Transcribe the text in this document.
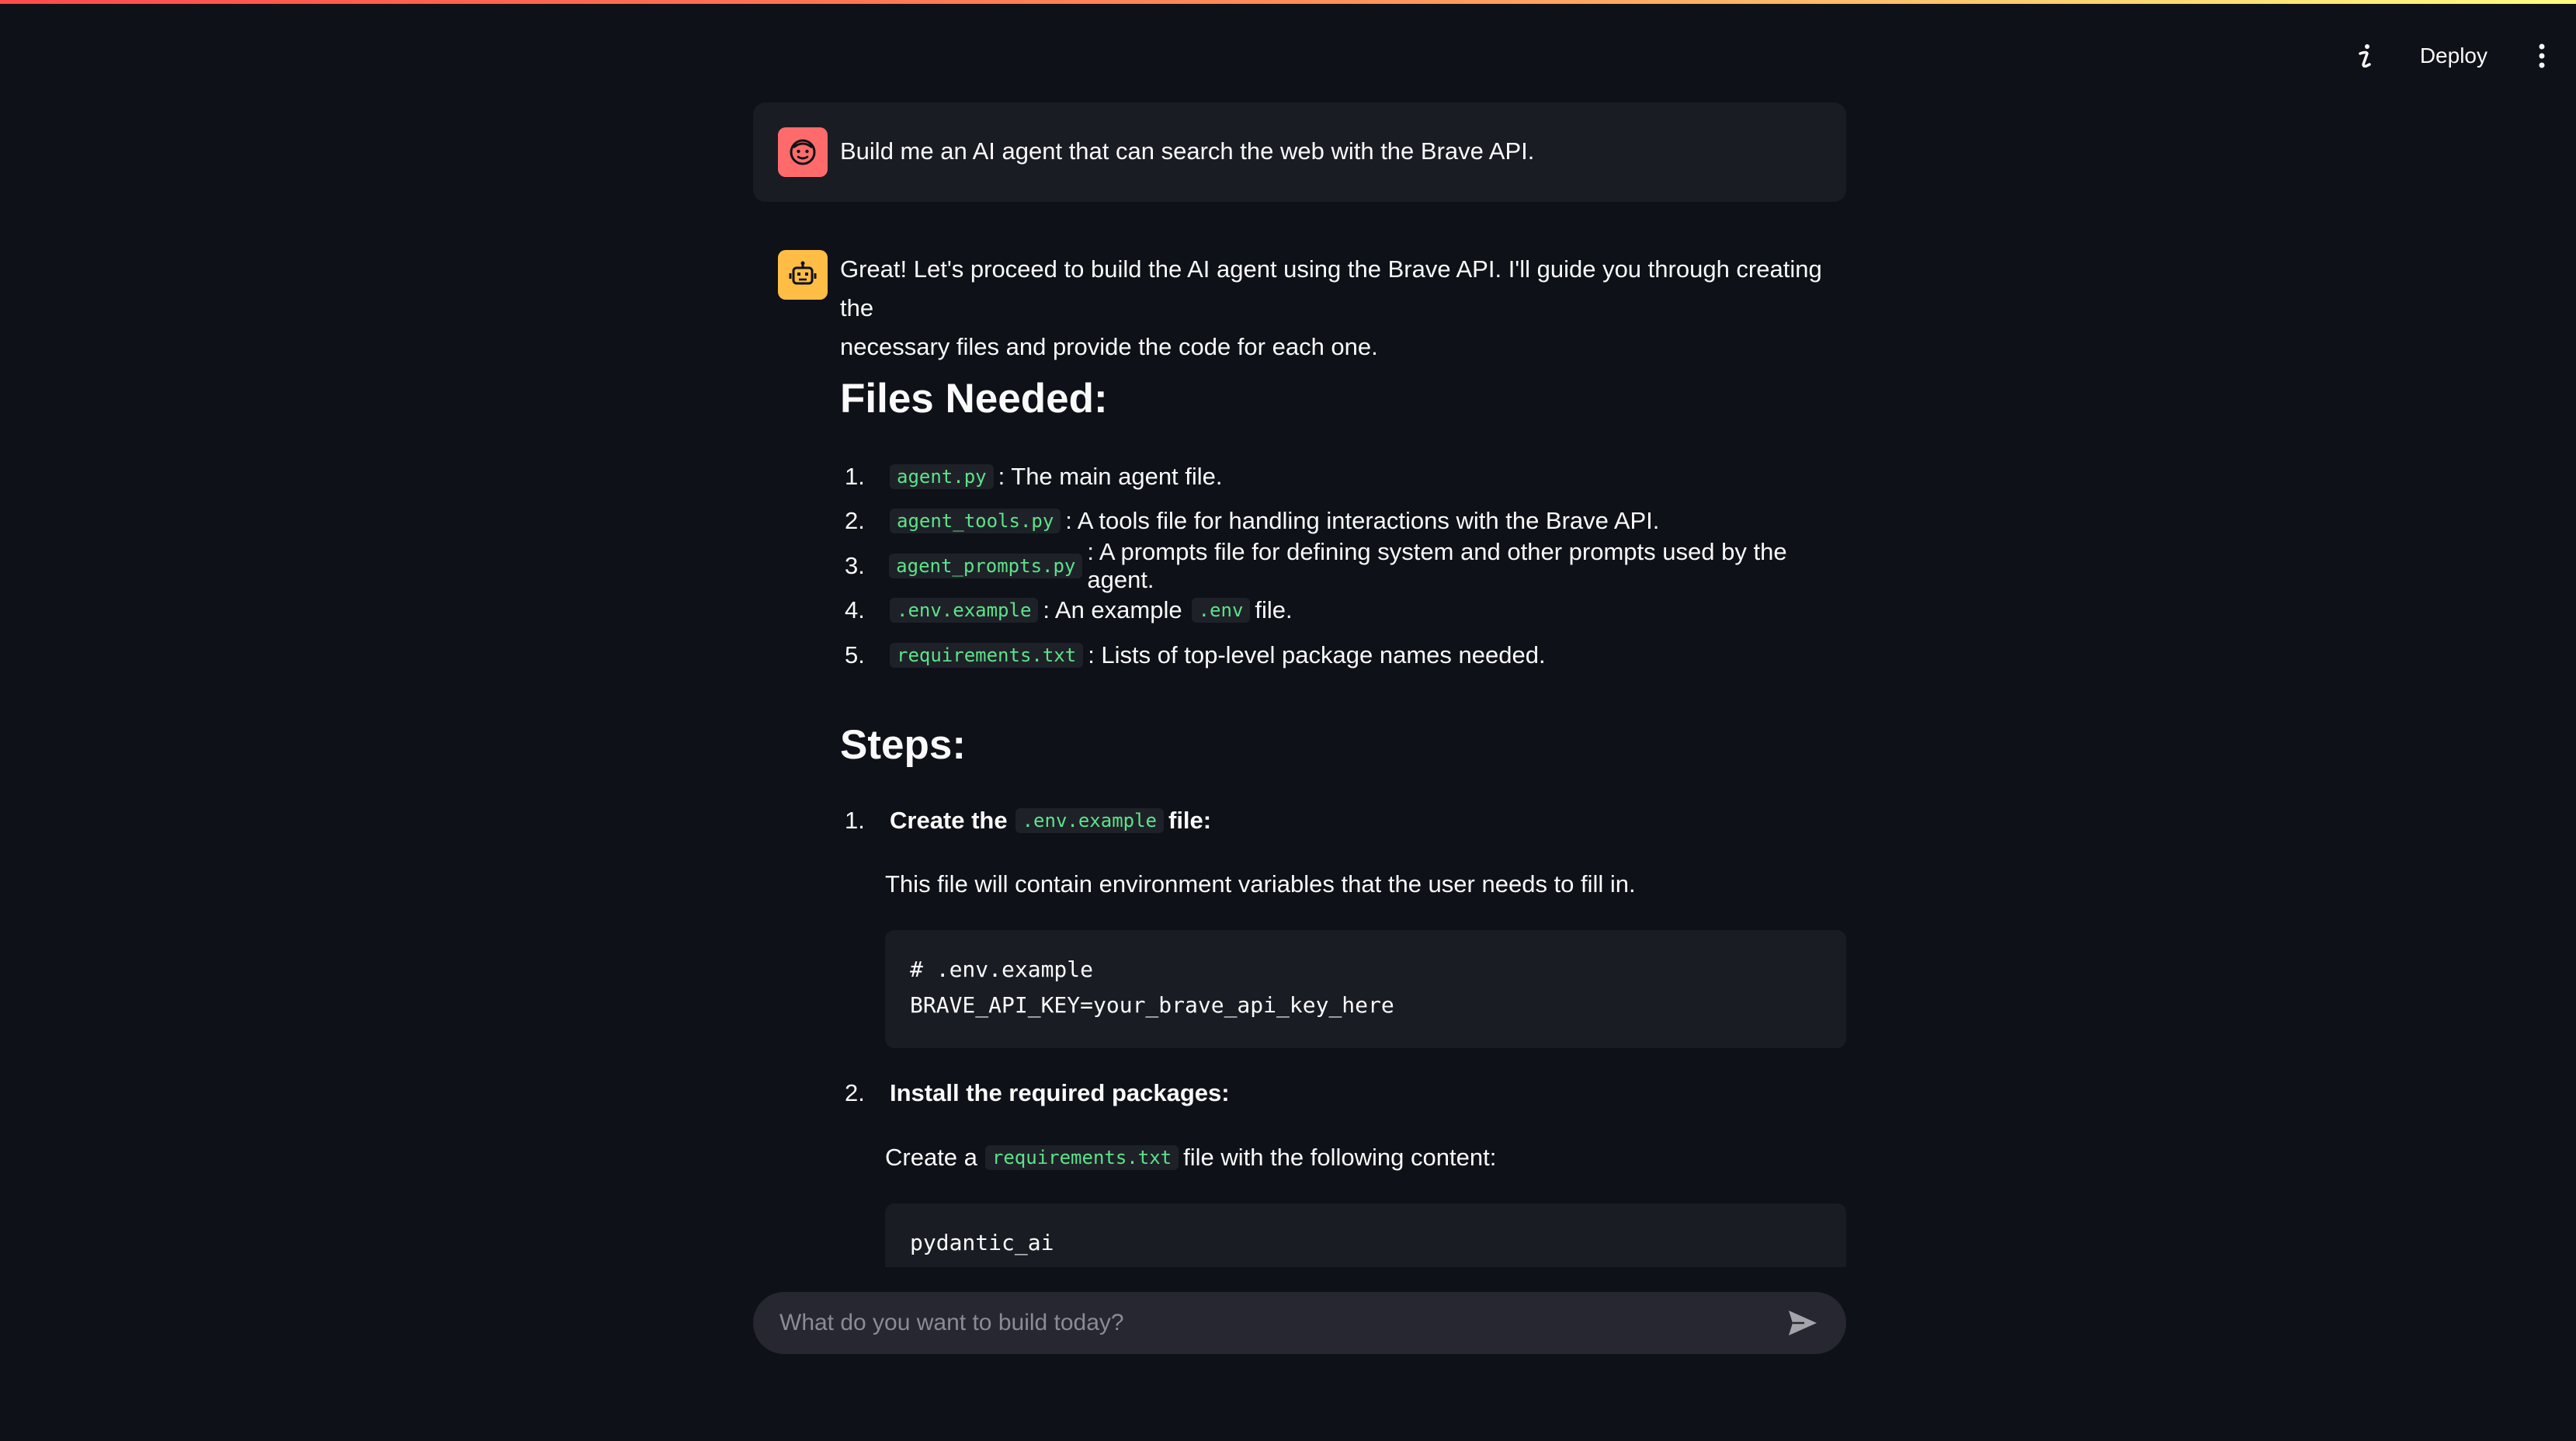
Deploy
Build me an AI agent that can search the web with the Brave API.

Great! Let's proceed to build the AI agent using the Brave API. I'll guide you through creating the

necessary files and provide the code for each one.

Files Needed:
1.	agent.py : The main agent file.
2.	agent_tools.py : A tools file for handling interactions with the Brave API.
3.	agent_prompts.py
: A prompts file for defining system and other prompts used by the agent.
4.	.env.example : An example .env file.
5.	requirements.txt : Lists of top-level package names needed.
Steps:
1.	Create the .env.example file:
This file will contain environment variables that the user needs to fill in.
# .env.example
BRAVE_API_KEY=your_brave_api_key_here
2.	Install the required packages:
Create a requirements.txt file with the following content:
pydantic_ai
What do you want to build today?
